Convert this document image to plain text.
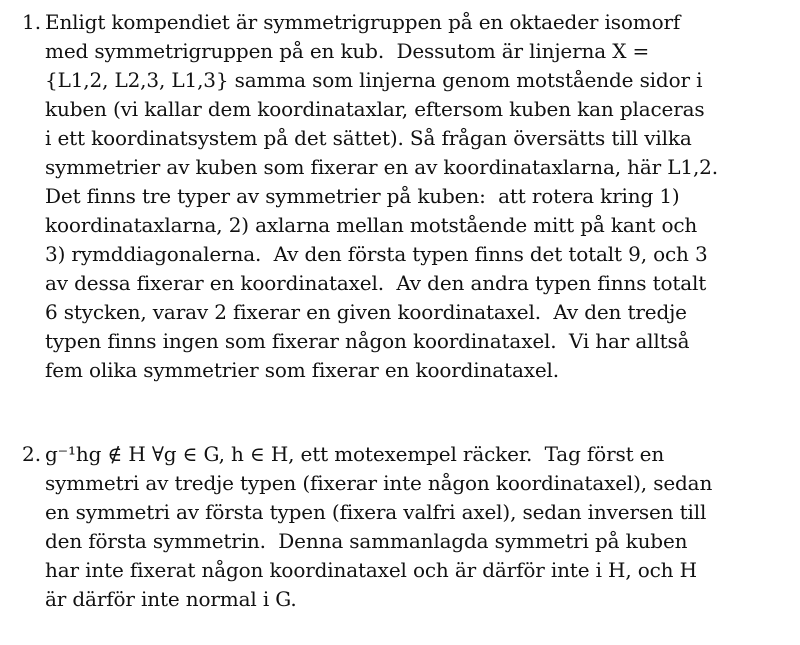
1. Enligt kompendiet är symmetrigruppen på en oktaeder isomorf
med symmetrigruppen på en kub.  Dessutom är linjerna X =
{L1,2, L2,3, L1,3} samma som linjerna genom motstående sidor i
kuben (vi kallar dem koordinataxlar, eftersom kuben kan placeras
i ett koordinatsystem på det sättet). Så frågan översätts till vilka
symmetrier av kuben som fixerar en av koordinataxlarna, här L1,2.
Det finns tre typer av symmetrier på kuben:  att rotera kring 1)
koordinataxlarna, 2) axlarna mellan motstående mitt på kant och
3) rymddiagonalerna.  Av den första typen finns det totalt 9, och 3
av dessa fixerar en koordinataxel.  Av den andra typen finns totalt
6 stycken, varav 2 fixerar en given koordinataxel.  Av den tredje
typen finns ingen som fixerar någon koordinataxel.  Vi har alltså
fem olika symmetrier som fixerar en koordinataxel.
2. g⁻¹hg ∉ H ∀g ∈ G, h ∈ H, ett motexempel räcker.  Tag först en
symmetri av tredje typen (fixerar inte någon koordinataxel), sedan
en symmetri av första typen (fixera valfri axel), sedan inversen till
den första symmetrin.  Denna sammanlagda symmetri på kuben
har inte fixerat någon koordinataxel och är därför inte i H, och H
är därför inte normal i G.
